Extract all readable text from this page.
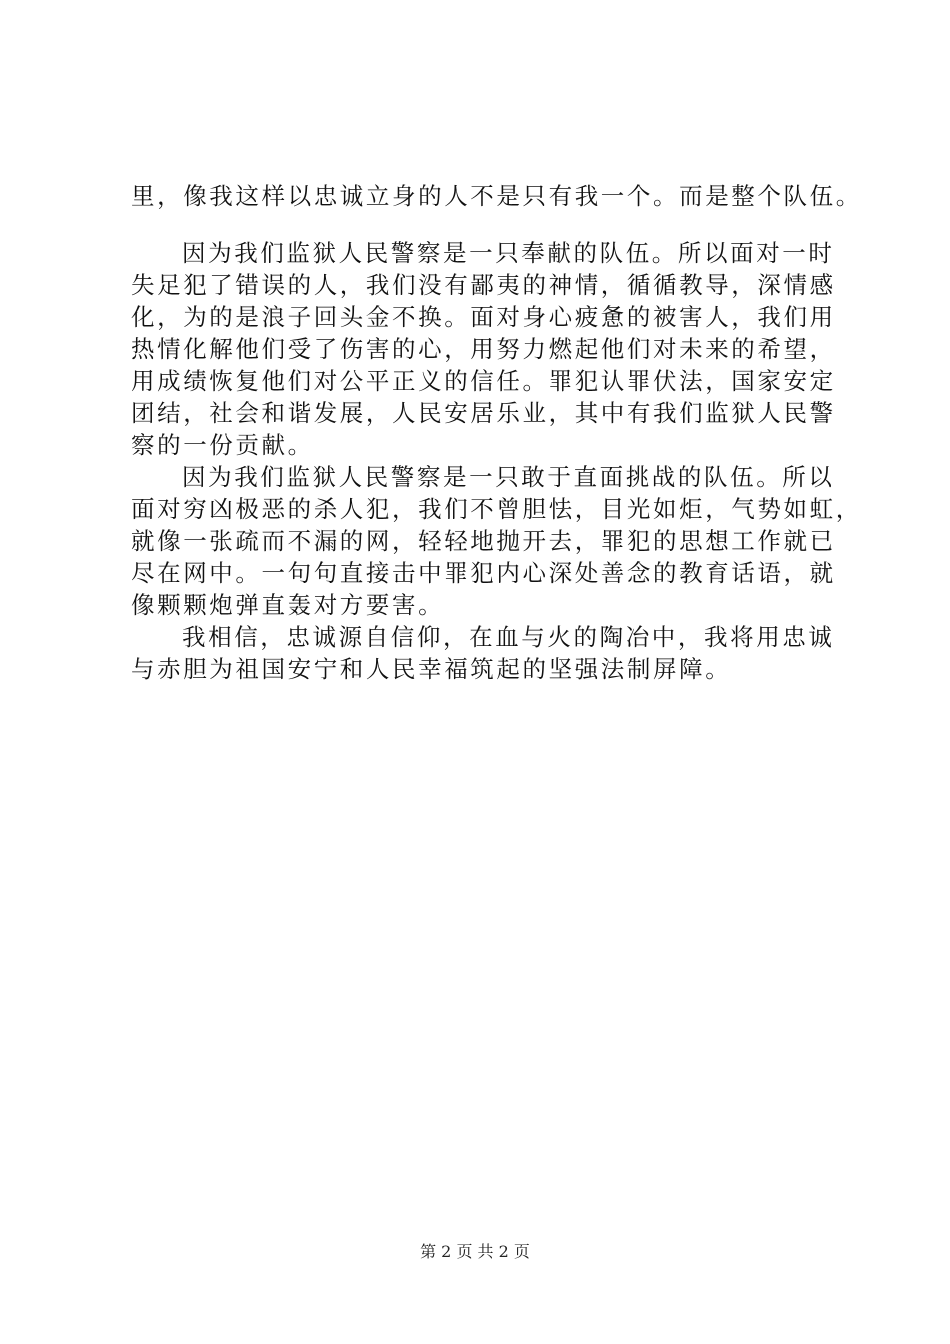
里，像我这样以忠诚立身的人不是只有我一个。而是整个队伍。
因为我们监狱人民警察是一只奉献的队伍。所以面对一时
失足犯了错误的人，我们没有鄙夷的神情，循循教导，深情感
化，为的是浪子回头金不换。面对身心疲惫的被害人，我们用
热情化解他们受了伤害的心，用努力燃起他们对未来的希望，
用成绩恢复他们对公平正义的信任。罪犯认罪伏法，国家安定
团结，社会和谐发展，人民安居乐业，其中有我们监狱人民警
察的一份贡献。
因为我们监狱人民警察是一只敢于直面挑战的队伍。所以
面对穷凶极恶的杀人犯，我们不曾胆怯，目光如炬，气势如虹，
就像一张疏而不漏的网，轻轻地抛开去，罪犯的思想工作就已
尽在网中。一句句直接击中罪犯内心深处善念的教育话语，就
像颗颗炮弹直轰对方要害。
我相信，忠诚源自信仰，在血与火的陶冶中，我将用忠诚
与赤胆为祖国安宁和人民幸福筑起的坚强法制屏障。
第 2 页 共 2 页
